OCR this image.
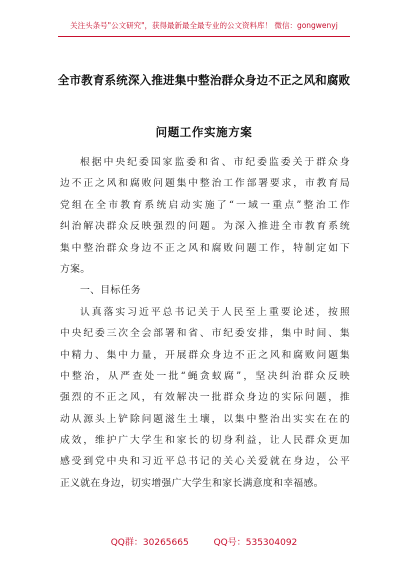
关注头条号"公文研究"，获得最新最全最专业的公文资料库！ 微信：gongwenyj
全市教育系统深入推进集中整治群众身边不正之风和腐败
问题工作实施方案
根据中央纪委国家监委和省、市纪委监委关于群众身
边不正之风和腐败问题集中整治工作部署要求，市教育局
党组在全市教育系统启动实施了“一域一重点”整治工作
纠治解决群众反映强烈的问题。为深入推进全市教育系统
集中整治群众身边不正之风和腐败问题工作，特制定如下
方案。
一、目标任务
认真落实习近平总书记关于人民至上重要论述，按照
中央纪委三次全会部署和省、市纪委安排，集中时间、集
中精力、集中力量，开展群众身边不正之风和腐败问题集
中整治，从严查处一批“蝇贪蚁腐”，坚决纠治群众反映
强烈的不正之风，有效解决一批群众身边的实际问题，推
动从源头上铲除问题滋生土壤，以集中整治出实实在在的
成效，维护广大学生和家长的切身利益，让人民群众更加
感受到党中央和习近平总书记的关心关爱就在身边，公平
正义就在身边，切实增强广大学生和家长满意度和幸福感。
QQ群：30265665	QQ号：535304092
